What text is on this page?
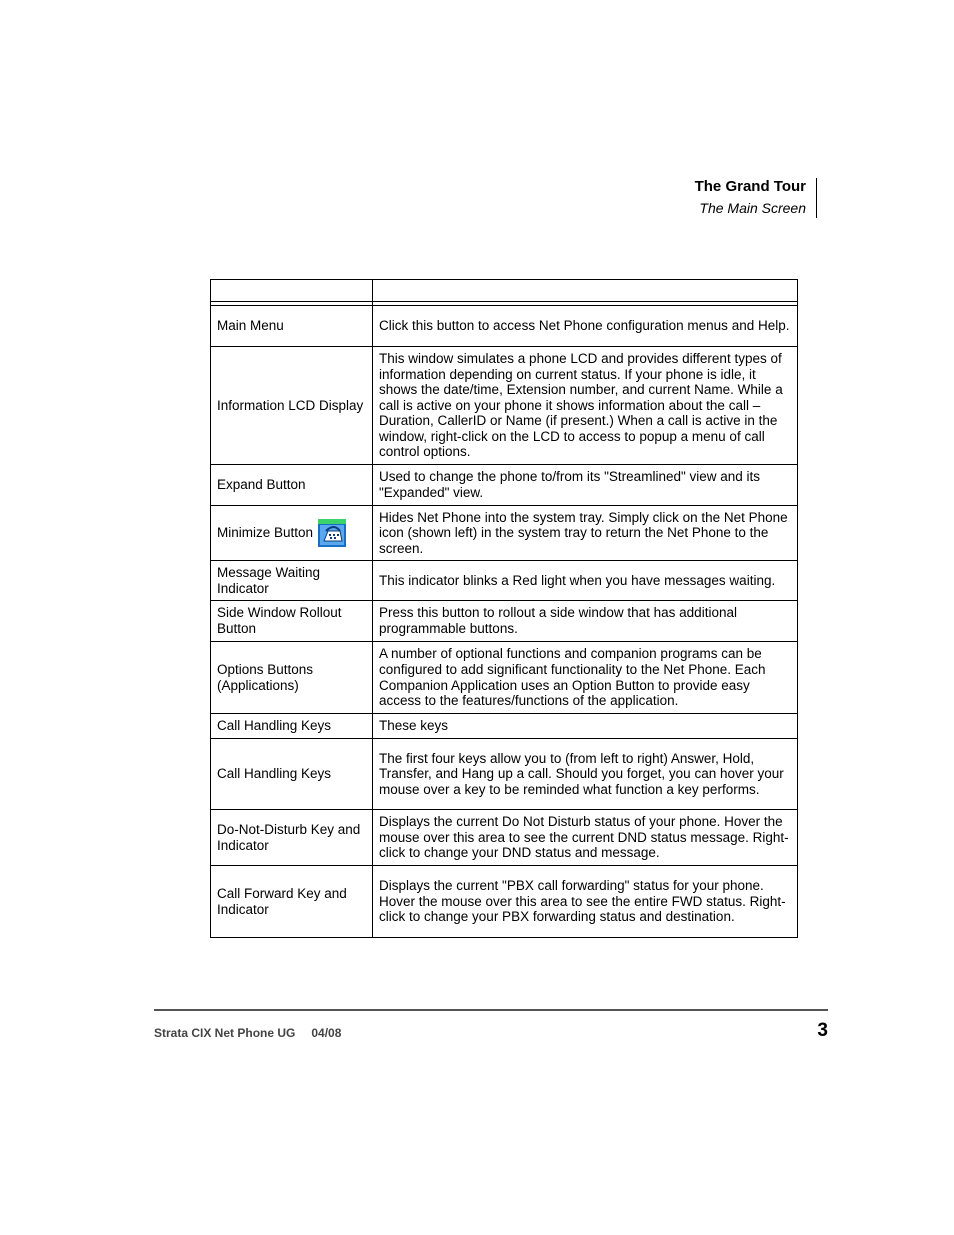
The Grand Tour
The Main Screen

Main Menu	Click this button to access Net Phone configuration menus and Help.
Information LCD Display	This window simulates a phone LCD and provides different types of information depending on current status. If your phone is idle, it shows the date/time, Extension number, and current Name. While a call is active on your phone it shows information about the call – Duration, CallerID or Name (if present.) When a call is active in the window, right-click on the LCD to access to popup a menu of call control options.
Expand Button	Used to change the phone to/from its "Streamlined" view and its "Expanded" view.

Minimize Button	Hides Net Phone into the system tray. Simply click on the Net Phone icon (shown left) in the system tray to return the Net Phone to the screen.
Message Waiting Indicator	This indicator blinks a Red light when you have messages waiting.
Side Window Rollout Button	Press this button to rollout a side window that has additional programmable buttons.
Options Buttons (Applications)	A number of optional functions and companion programs can be configured to add significant functionality to the Net Phone. Each Companion Application uses an Option Button to provide easy access to the features/functions of the application.
Call Handling Keys	These keys
Call Handling Keys	The first four keys allow you to (from left to right) Answer, Hold, Transfer, and Hang up a call. Should you forget, you can hover your mouse over a key to be reminded what function a key performs.
Do-Not-Disturb Key and Indicator	Displays the current Do Not Disturb status of your phone. Hover the mouse over this area to see the current DND status message. Right-click to change your DND status and message.
Call Forward Key and Indicator	Displays the current "PBX call forwarding" status for your phone. Hover the mouse over this area to see the entire FWD status. Right-click to change your PBX forwarding status and destination.
Strata CIX Net Phone UG 04/08	3
